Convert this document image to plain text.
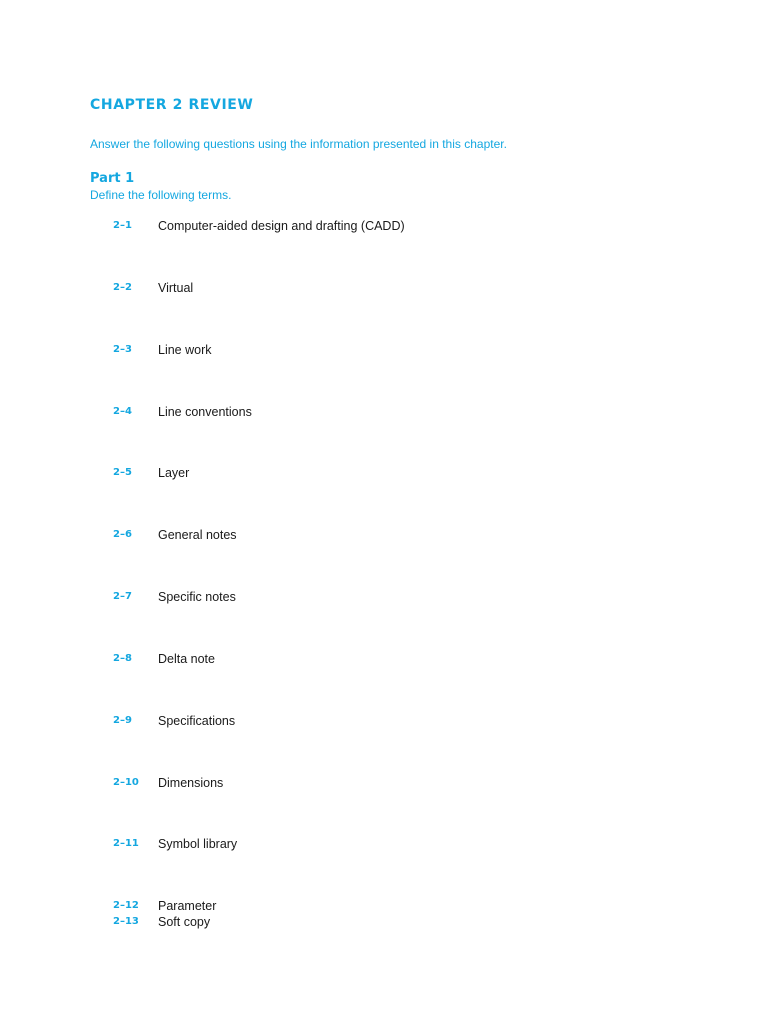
CHAPTER 2 REVIEW

Answer the following questions using the information presented in this chapter.

Part 1

Define the following terms.

2–1 Computer-aided design and drafting (CADD)
2–2 Virtual
2–3 Line work
2–4 Line conventions
2–5 Layer
2–6 General notes
2–7 Specific notes
2–8 Delta note
2–9 Specifications
2–10 Dimensions
2–11 Symbol library
2–12 Parameter
2–13 Soft copy
